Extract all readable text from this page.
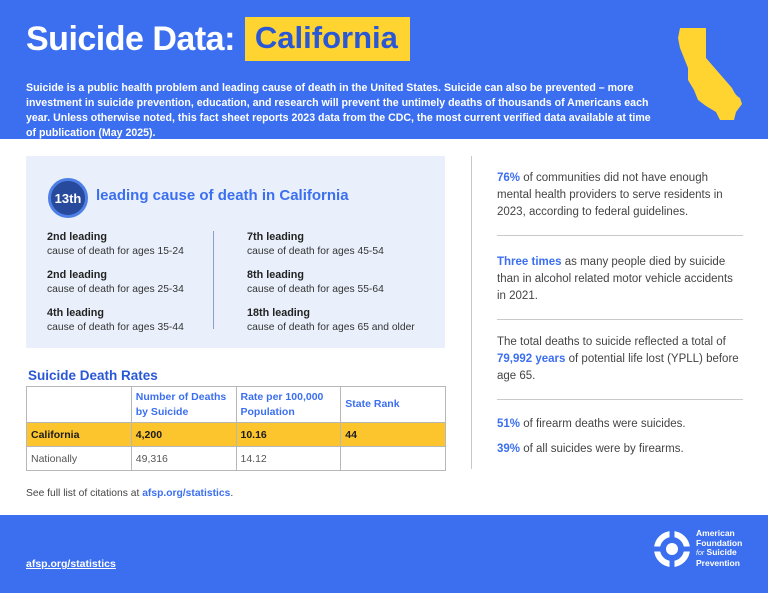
Suicide Data: California

Suicide is a public health problem and leading cause of death in the United States. Suicide can also be prevented – more investment in suicide prevention, education, and research will prevent the untimely deaths of thousands of Americans each year. Unless otherwise noted, this fact sheet reports 2023 data from the CDC, the most current verified data available at time of publication (May 2025).

13th leading cause of death in California
2nd leading
cause of death for ages 15-24
2nd leading
cause of death for ages 25-34
4th leading
cause of death for ages 35-44
7th leading
cause of death for ages 45-54
8th leading
cause of death for ages 55-64
18th leading
cause of death for ages 65 and older
Suicide Death Rates
	Number of Deaths by Suicide	Rate per 100,000 Population	State Rank
California	4,200	10.16	44
Nationally	49,316	14.12	
See full list of citations at afsp.org/statistics.

76% of communities did not have enough mental health providers to serve residents in 2023, according to federal guidelines.

Three times as many people died by suicide than in alcohol related motor vehicle accidents in 2021.

The total deaths to suicide reflected a total of 79,992 years of potential life lost (YPLL) before age 65.

51% of firearm deaths were suicides.

39% of all suicides were by firearms.

afsp.org/statistics
American
Foundation
for Suicide
Prevention
